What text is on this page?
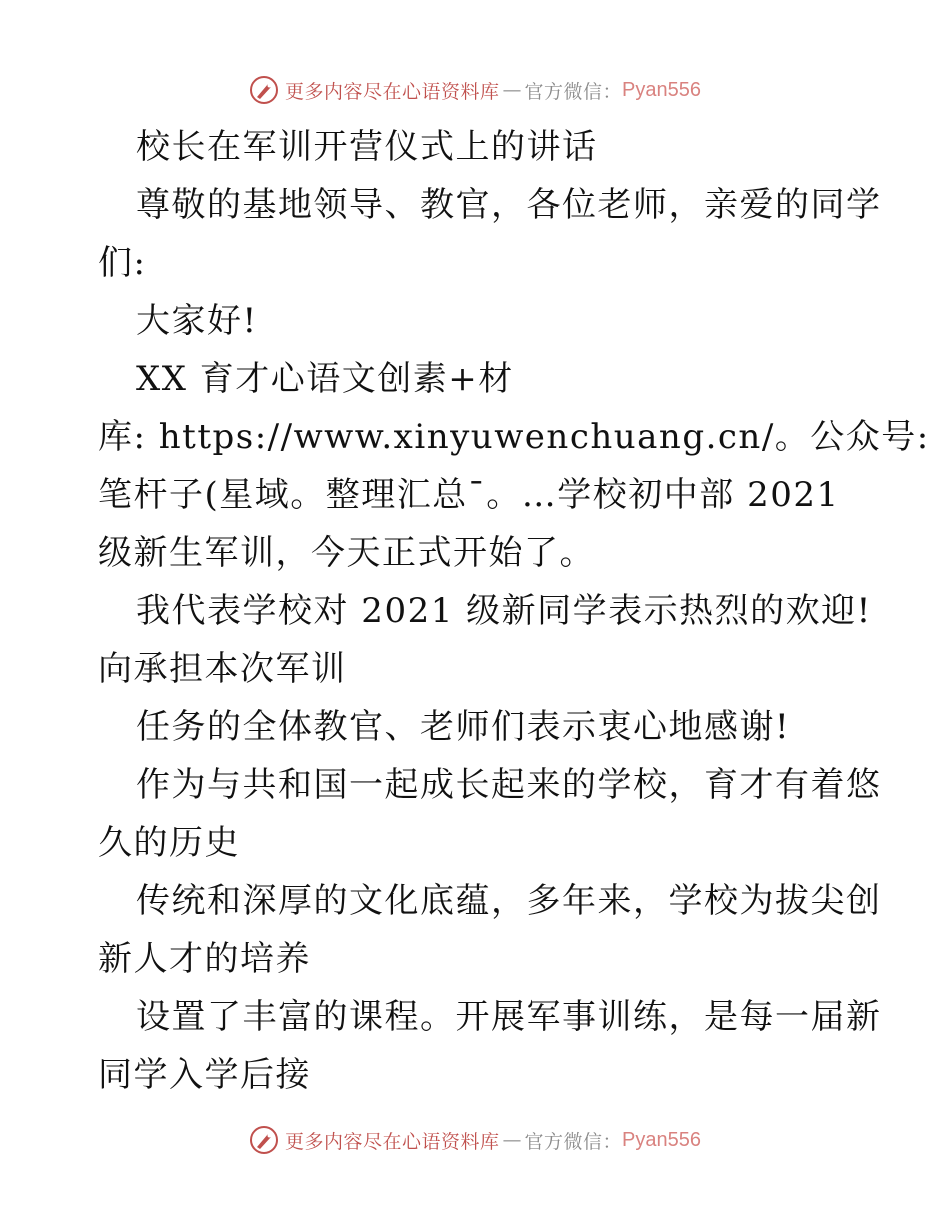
更多内容尽在心语资料库 — 官方微信： Pyan556
校长在军训开营仪式上的讲话
尊敬的基地领导、教官，各位老师，亲爱的同学
们:
大家好!
XX 育才心语文创素+材
库: https://www.xinyuwenchuang.cn/。公众号:
笔杆子(星域。整理汇总¯。…学校初中部 2021
级新生军训，今天正式开始了。
我代表学校对 2021 级新同学表示热烈的欢迎!
向承担本次军训
任务的全体教官、老师们表示衷心地感谢!
作为与共和国一起成长起来的学校，育才有着悠
久的历史
传统和深厚的文化底蕴，多年来，学校为拔尖创
新人才的培养
设置了丰富的课程。开展军事训练，是每一届新
同学入学后接
更多内容尽在心语资料库 — 官方微信： Pyan556
